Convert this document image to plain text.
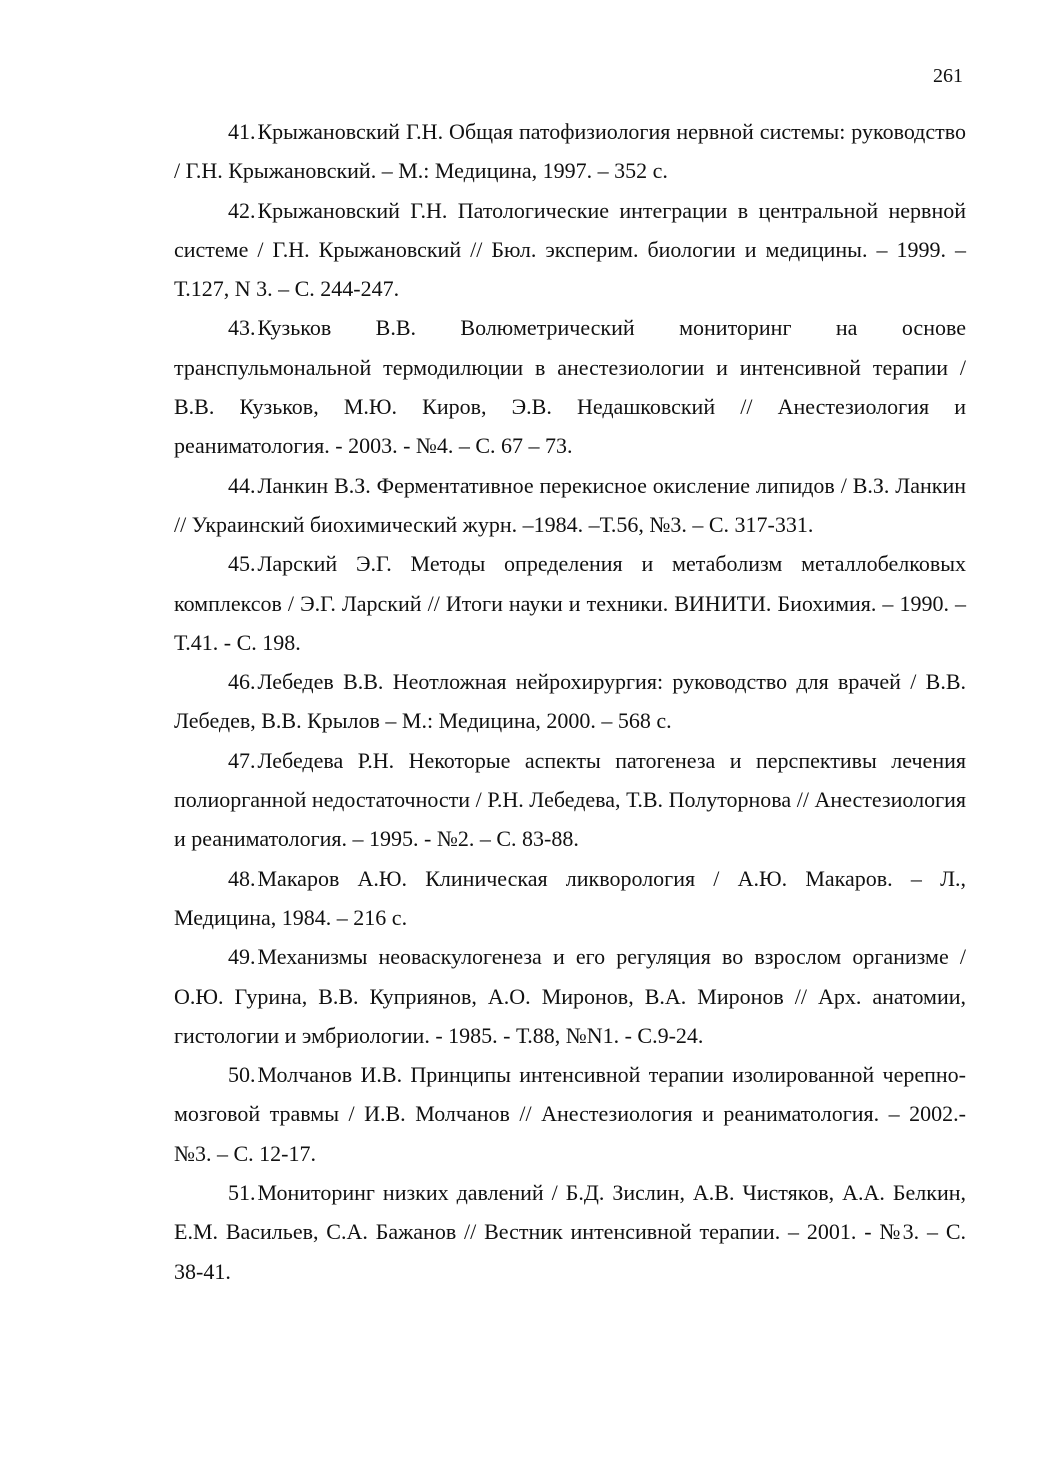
261
41.Крыжановский Г.Н. Общая патофизиология нервной системы: руководство / Г.Н. Крыжановский. – М.: Медицина, 1997. – 352 с.
42.Крыжановский Г.Н. Патологические интеграции в центральной нервной системе / Г.Н. Крыжановский // Бюл. эксперим. биологии и медицины. – 1999. – Т.127, N 3. – С. 244-247.
43.Кузьков В.В. Волюметрический мониторинг на основе транспульмональной термодилюции в анестезиологии и интенсивной терапии / В.В. Кузьков, М.Ю. Киров, Э.В. Недашковский // Анестезиология и реаниматология. - 2003. - №4. – С. 67 – 73.
44.Ланкин В.З. Ферментативное перекисное окисление липидов / В.З. Ланкин // Украинский биохимический журн. –1984. –Т.56, №3. – С. 317-331.
45.Ларский Э.Г. Методы определения и метаболизм металлобелковых комплексов / Э.Г. Ларский // Итоги науки и техники. ВИНИТИ. Биохимия. – 1990. – Т.41. - С. 198.
46.Лебедев В.В. Неотложная нейрохирургия: руководство для врачей / В.В. Лебедев, В.В. Крылов – М.: Медицина, 2000. – 568 с.
47.Лебедева Р.Н. Некоторые аспекты патогенеза и перспективы лечения полиорганной недостаточности / Р.Н. Лебедева, Т.В. Полуторнова // Анестезиология и реаниматология. – 1995. - №2. – С. 83-88.
48.Макаров А.Ю. Клиническая ликворология / А.Ю. Макаров. – Л., Медицина, 1984. – 216 с.
49.Механизмы неоваскулогенеза и его регуляция во взрослом организме / О.Ю. Гурина, В.В. Куприянов, А.О. Миронов, В.А. Миронов // Арх. анатомии, гистологии и эмбриологии. - 1985. - Т.88, №N1. - С.9-24.
50.Молчанов И.В. Принципы интенсивной терапии изолированной черепно-мозговой травмы / И.В. Молчанов // Анестезиология и реаниматология. – 2002.- №3. – С. 12-17.
51.Мониторинг низких давлений / Б.Д. Зислин, А.В. Чистяков, А.А. Белкин, Е.М. Васильев, С.А. Бажанов // Вестник интенсивной терапии. – 2001. - №3. – С. 38-41.
